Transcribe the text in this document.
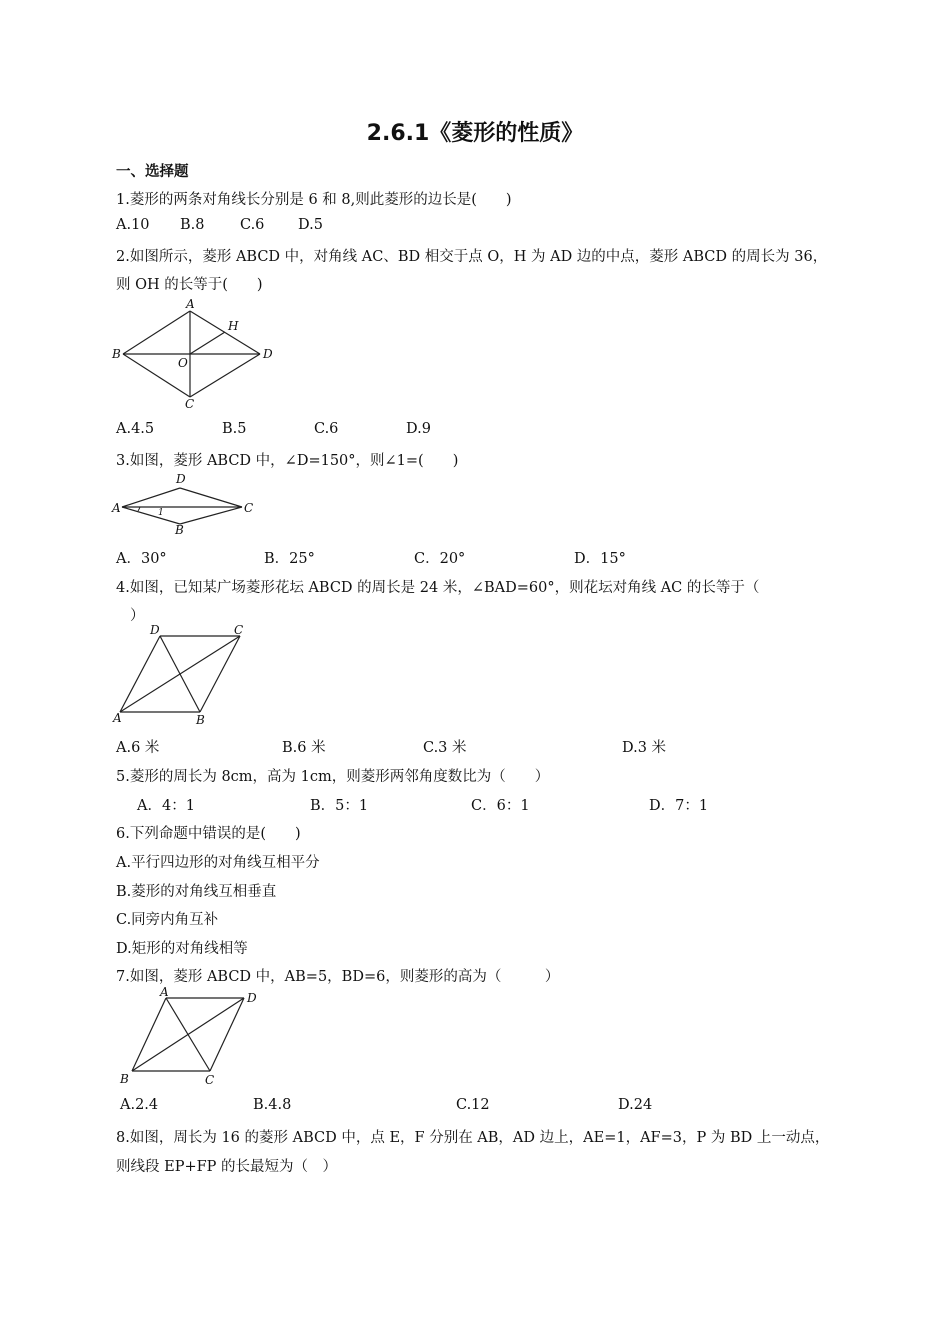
2.6.1《菱形的性质》
一、选择题
1.菱形的两条对角线长分别是 6 和 8,则此菱形的边长是(　　)
A.10 B.8 C.6 D.5
2.如图所示，菱形 ABCD 中，对角线 AC、BD 相交于点 O，H 为 AD 边的中点，菱形 ABCD 的周长为 36，
则 OH 的长等于(　　)
A
B
C
D
O
H
A.4.5	B.5	C.6	D.9
3.如图，菱形 ABCD 中，∠D=150°，则∠1=(　　)
D
A	C
B
1
A．30°	B．25°	C．20°	D．15°
4.如图，已知某广场菱形花坛 ABCD 的周长是 24 米，∠BAD=60°，则花坛对角线 AC 的长等于（
）
D	C
A	B
A.6 米	B.6 米	C.3 米	D.3 米
5.菱形的周长为 8cm，高为 1cm，则菱形两邻角度数比为（　　）
A．4：1	B．5：1	C．6：1	D．7：1
6.下列命题中错误的是(　　)
A.平行四边形的对角线互相平分
B.菱形的对角线互相垂直
C.同旁内角互补
D.矩形的对角线相等
7.如图，菱形 ABCD 中，AB=5，BD=6，则菱形的高为（　　　）
A	D
B	C
A.2.4	B.4.8	C.12	D.24
8.如图，周长为 16 的菱形 ABCD 中，点 E，F 分别在 AB，AD 边上，AE=1，AF=3，P 为 BD 上一动点，
则线段 EP+FP 的长最短为（　）
